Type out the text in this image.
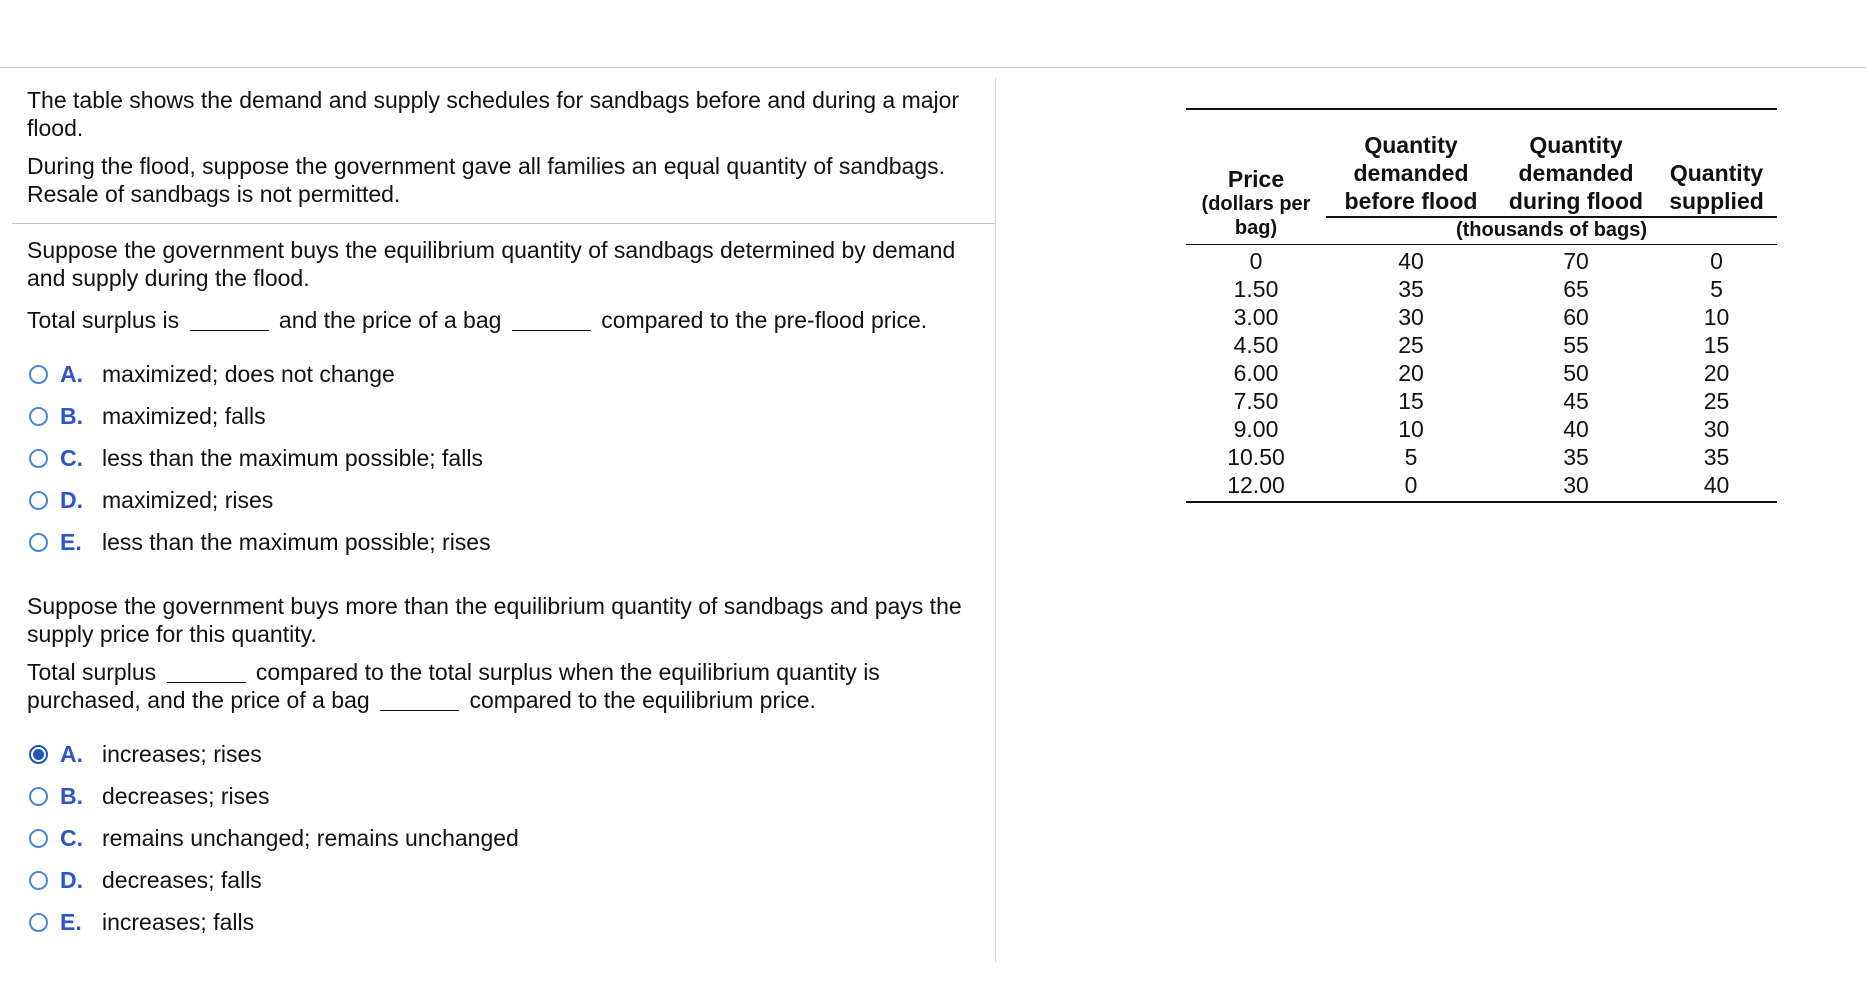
The table shows the demand and supply schedules for sandbags before and during a major flood.

During the flood, suppose the government gave all families an equal quantity of sandbags. Resale of sandbags is not permitted.

Suppose the government buys the equilibrium quantity of sandbags determined by demand and supply during the flood.

Total surplus is	and the price of a bag	compared to the pre-flood price.

A. maximized; does not change
B. maximized; falls
C. less than the maximum possible; falls
D. maximized; rises
E. less than the maximum possible; rises

Suppose the government buys more than the equilibrium quantity of sandbags and pays the supply price for this quantity.

Total surplus	compared to the total surplus when the equilibrium quantity is
purchased, and the price of a bag	compared to the equilibrium price.

A. increases; rises
B. decreases; rises
C. remains unchanged; remains unchanged
D. decreases; falls
E. increases; falls
Price
(dollars per
bag)
Quantity
demanded
before flood
Quantity
demanded
during flood
Quantity
supplied
(thousands of bags)
0	40	70	0
1.50	35	65	5
3.00	30	60	10
4.50	25	55	15
6.00	20	50	20
7.50	15	45	25
9.00	10	40	30
10.50	5	35	35
12.00	0	30	40
